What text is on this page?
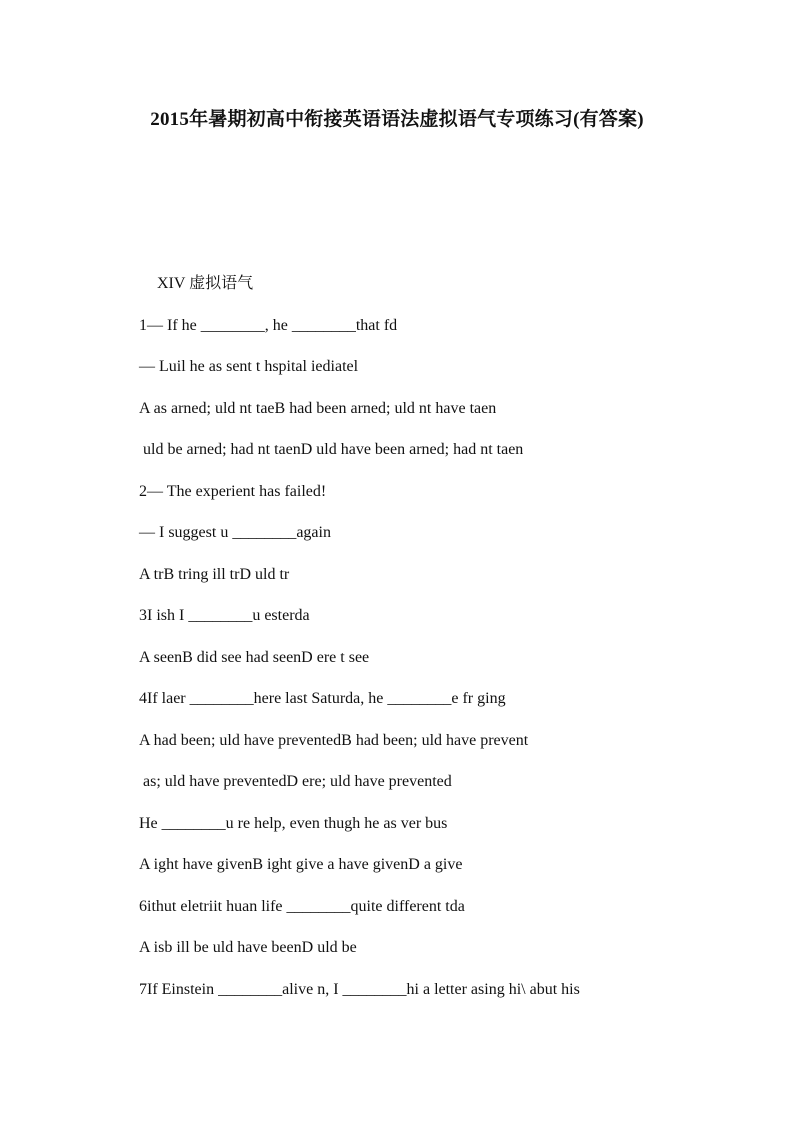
2015年暑期初高中衔接英语语法虚拟语气专项练习(有答案)
XIV 虚拟语气
1— If he ________, he ________that fd
— Luil he as sent t hspital iediatel
A as arned; uld nt taeB had been arned; uld nt have taen
uld be arned; had nt taenD uld have been arned; had nt taen
2— The experient has failed!
— I suggest u ________again
A trB tring ill trD uld tr
3I ish I ________u esterda
A seenB did see had seenD ere t see
4If laer ________here last Saturda, he ________e fr ging
A had been; uld have preventedB had been; uld have prevent
as; uld have preventedD ere; uld have prevented
He ________u re help, even thugh he as ver bus
A ight have givenB ight give a have givenD a give
6ithut eletriit huan life ________quite different tda
A isb ill be uld have beenD uld be
7If Einstein ________alive n, I ________hi a letter asing hi\ abut his
